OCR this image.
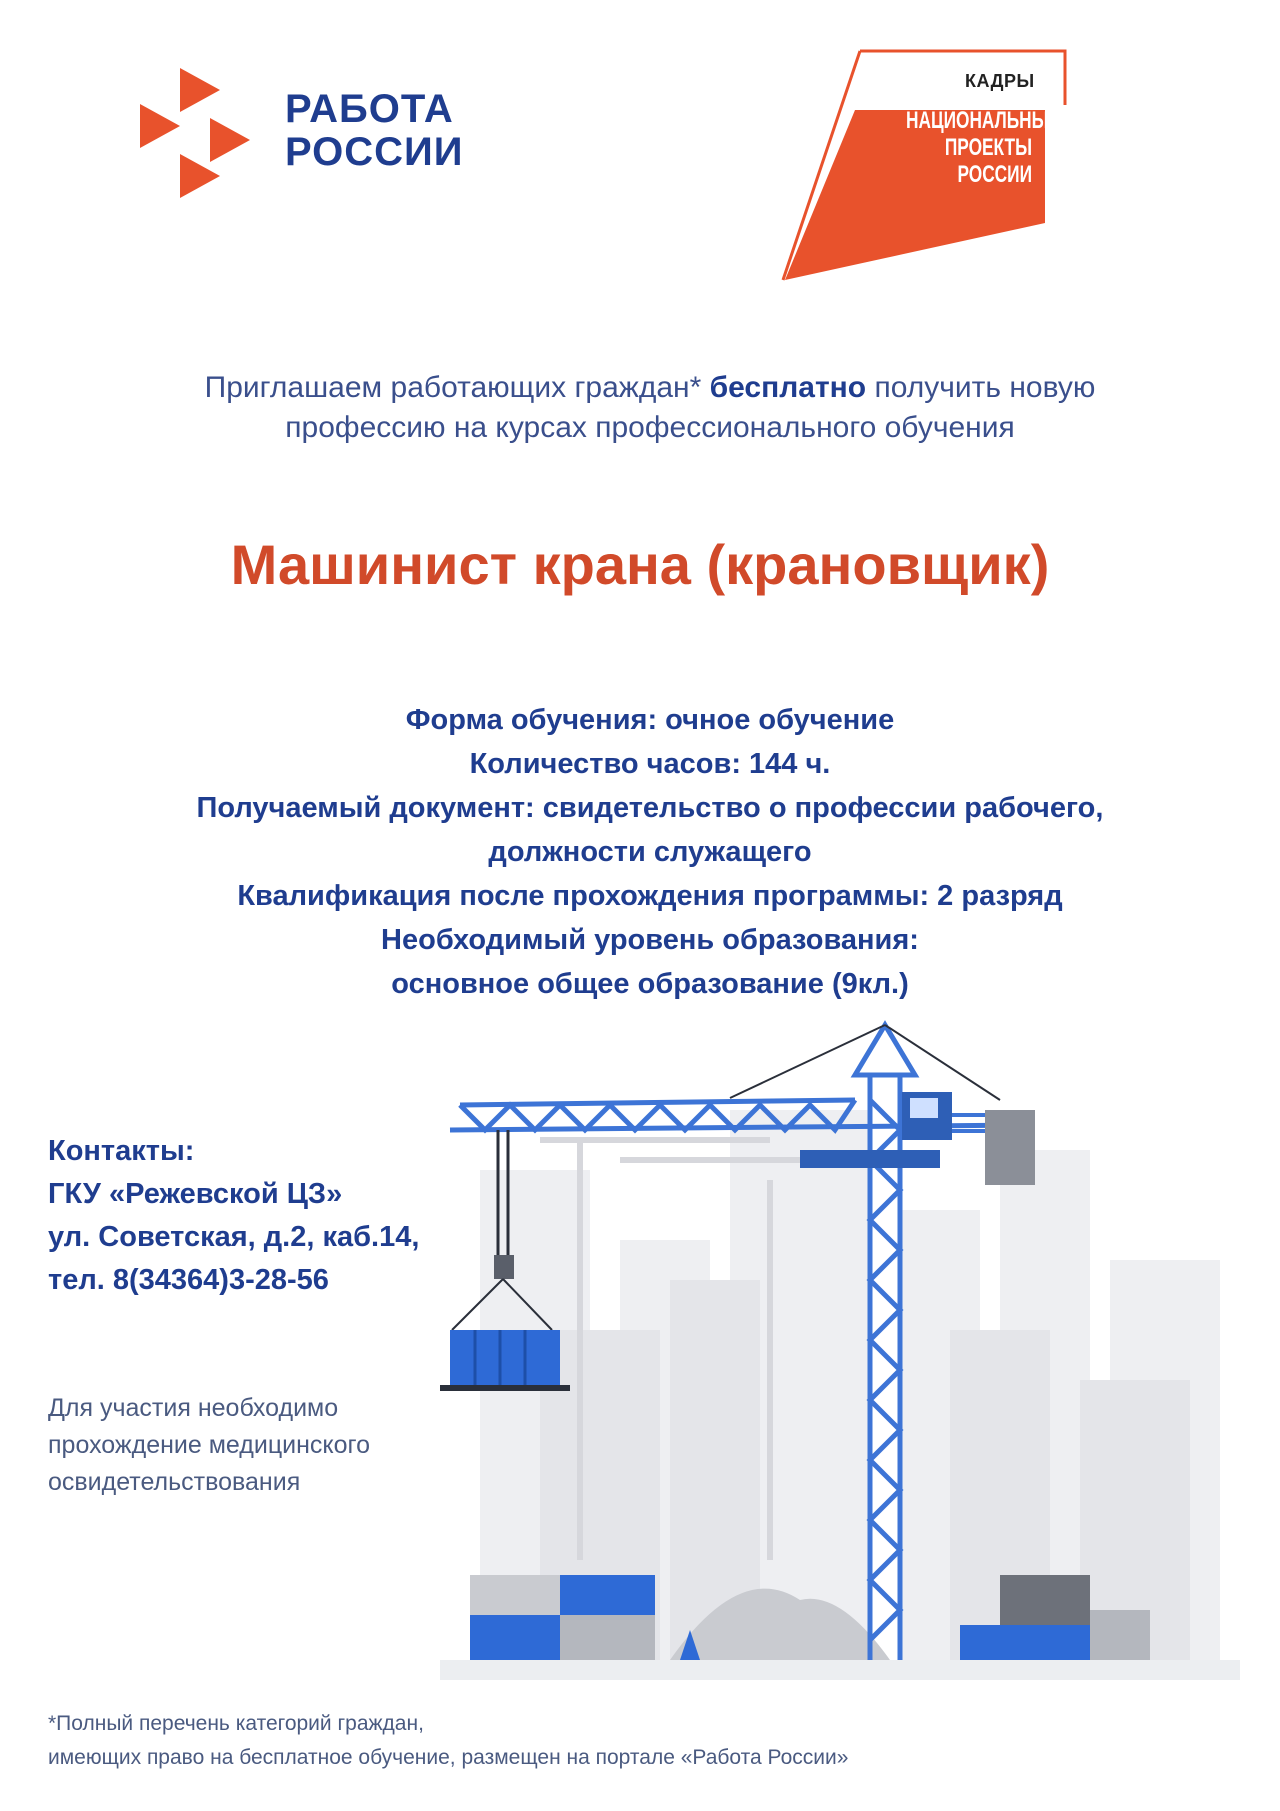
РАБОТА
РОССИИ
КАДРЫ
НАЦИОНАЛЬНЫЕ
ПРОЕКТЫ
РОССИИ
Приглашаем работающих граждан* бесплатно получить новую
профессию на курсах профессионального обучения
Машинист крана (крановщик)
Форма обучения: очное обучение
Количество часов: 144 ч.
Получаемый документ: свидетельство о профессии рабочего,
должности служащего
Квалификация после прохождения программы: 2 разряд
Необходимый уровень образования:
основное общее образование (9кл.)
Контакты:
ГКУ «Режевской ЦЗ»
ул. Советская, д.2, каб.14,
тел. 8(34364)3-28-56
Для участия необходимо
прохождение медицинского
освидетельствования
*Полный перечень категорий граждан,
имеющих право на бесплатное обучение, размещен на портале «Работа России»
